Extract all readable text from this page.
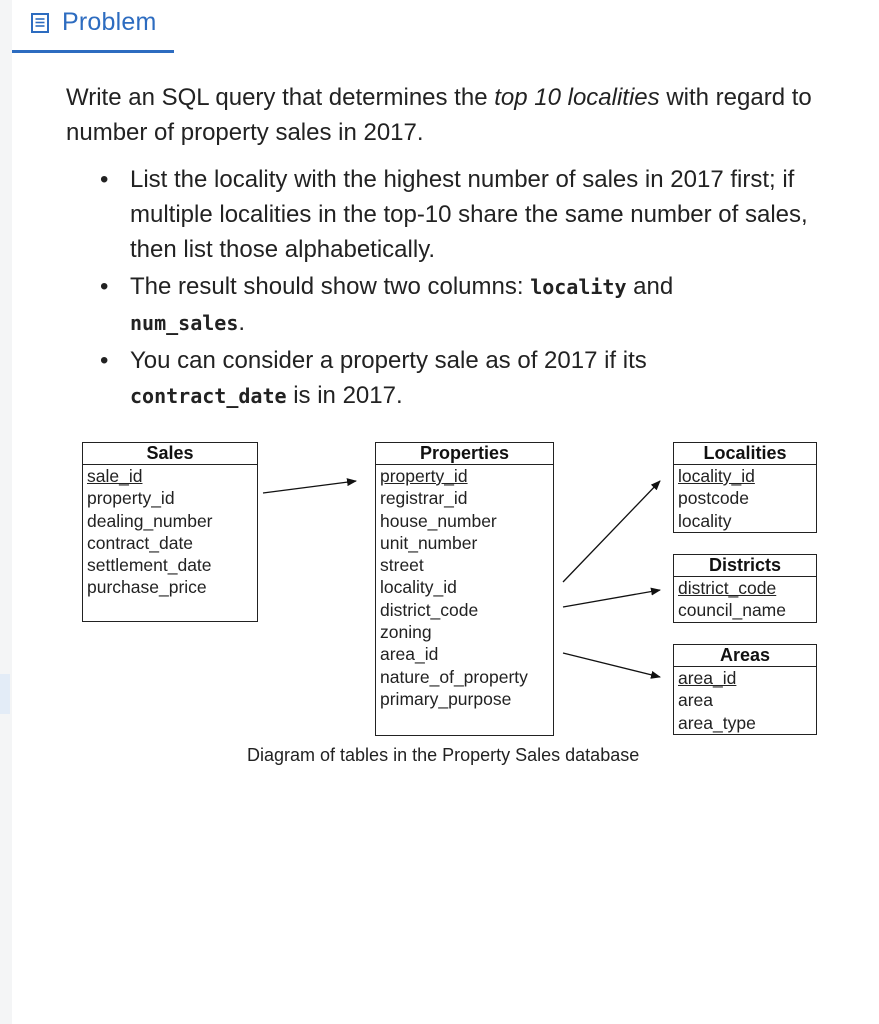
Problem

Write an SQL query that determines the top 10 localities with regard to number of property sales in 2017.

• List the locality with the highest number of sales in 2017 first; if multiple localities in the top-10 share the same number of sales, then list those alphabetically.
• The result should show two columns: locality and
num_sales.
• You can consider a property sale as of 2017 if its
contract_date is in 2017.
Sales
sale_id
property_id
dealing_number
contract_date
settlement_date
purchase_price
Properties
property_id
registrar_id
house_number
unit_number
street
locality_id
district_code
zoning
area_id
nature_of_property
primary_purpose
Localities
locality_id
postcode
locality
Districts
district_code
council_name
Areas
area_id
area
area_type
Diagram of tables in the Property Sales database
